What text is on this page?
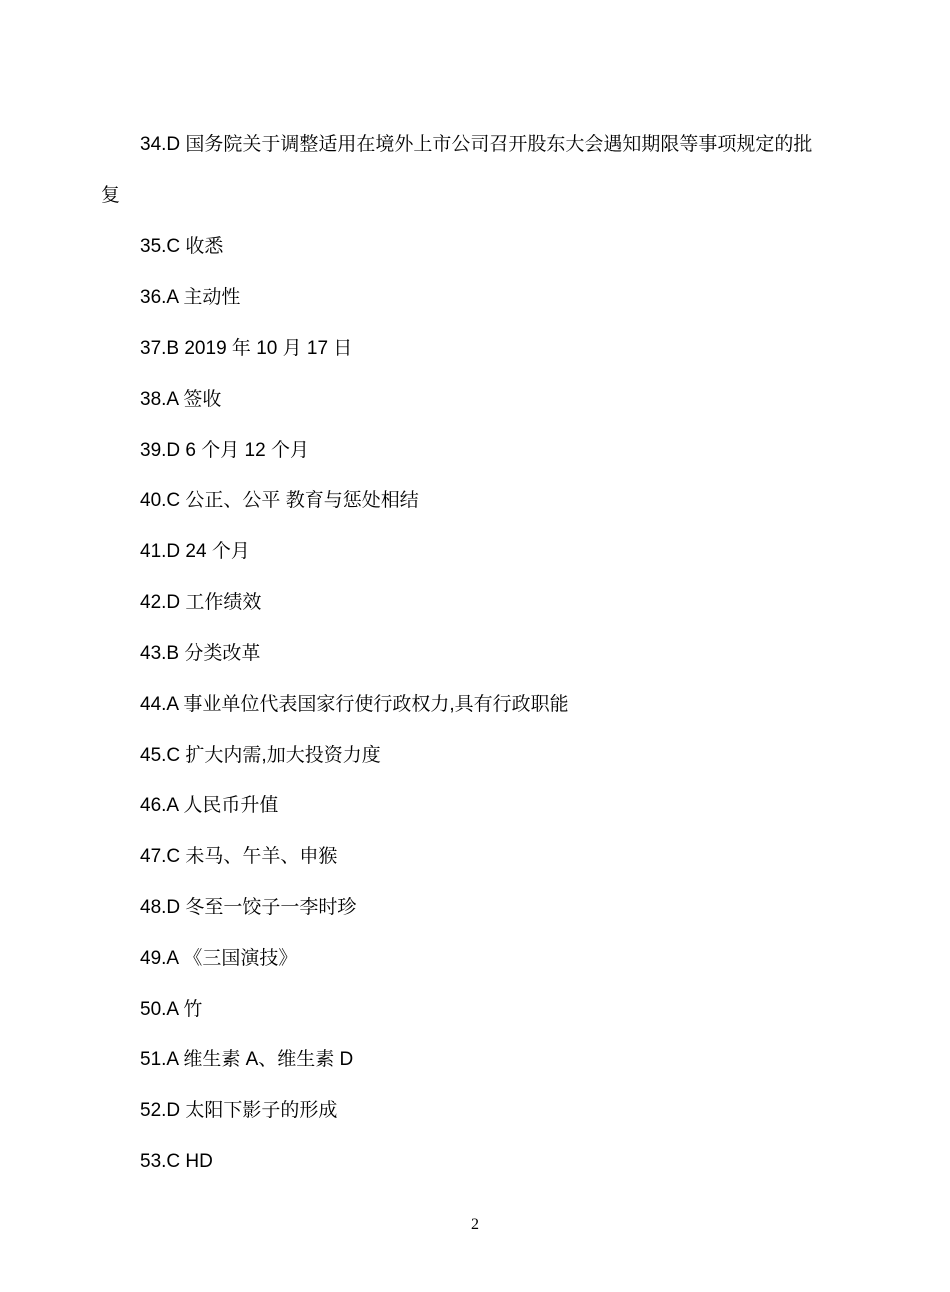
34.D 国务院关于调整适用在境外上市公司召开股东大会遇知期限等事项规定的批
复
35.C 收悉
36.A 主动性
37.B 2019 年 10 月 17 日
38.A 签收
39.D 6 个月 12 个月
40.C 公正、公平 教育与惩处相结
41.D 24 个月
42.D 工作绩效
43.B 分类改革
44.A 事业单位代表国家行使行政权力,具有行政职能
45.C 扩大内需,加大投资力度
46.A 人民币升值
47.C 未马、午羊、申猴
48.D 冬至一饺子一李时珍
49.A 《三国演技》
50.A 竹
51.A 维生素 A、维生素 D
52.D 太阳下影子的形成
53.C HD
2
